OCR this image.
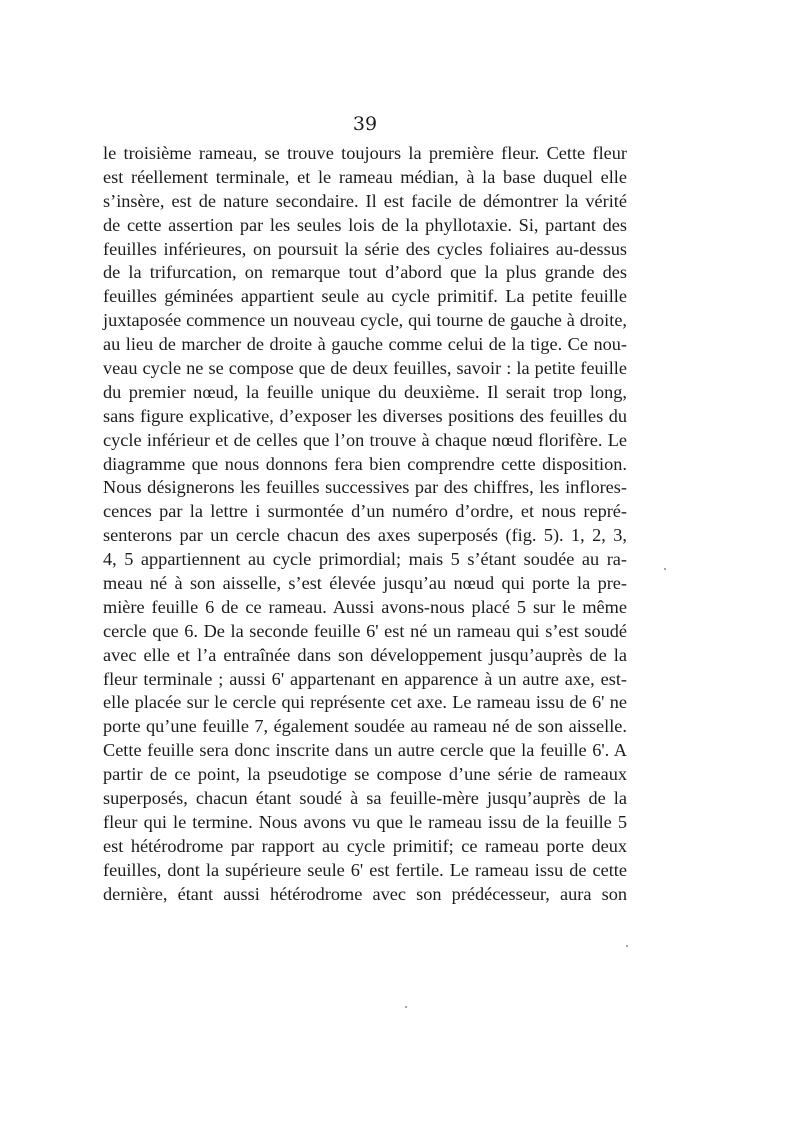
39
le troisième rameau, se trouve toujours la première fleur. Cette fleur
est réellement terminale, et le rameau médian, à la base duquel elle
s’insère, est de nature secondaire. Il est facile de démontrer la vérité
de cette assertion par les seules lois de la phyllotaxie. Si, partant des
feuilles inférieures, on poursuit la série des cycles foliaires au-dessus
de la trifurcation, on remarque tout d’abord que la plus grande des
feuilles géminées appartient seule au cycle primitif. La petite feuille
juxtaposée commence un nouveau cycle, qui tourne de gauche à droite,
au lieu de marcher de droite à gauche comme celui de la tige. Ce nou-
veau cycle ne se compose que de deux feuilles, savoir : la petite feuille
du premier nœud, la feuille unique du deuxième. Il serait trop long,
sans figure explicative, d’exposer les diverses positions des feuilles du
cycle inférieur et de celles que l’on trouve à chaque nœud florifère. Le
diagramme que nous donnons fera bien comprendre cette disposition.
Nous désignerons les feuilles successives par des chiffres, les inflores-
cences par la lettre i surmontée d’un numéro d’ordre, et nous repré-
senterons par un cercle chacun des axes superposés (fig. 5). 1, 2, 3,
4, 5 appartiennent au cycle primordial; mais 5 s’étant soudée au ra-
meau né à son aisselle, s’est élevée jusqu’au nœud qui porte la pre-
mière feuille 6 de ce rameau. Aussi avons-nous placé 5 sur le même
cercle que 6. De la seconde feuille 6' est né un rameau qui s’est soudé
avec elle et l’a entraînée dans son développement jusqu’auprès de la
fleur terminale ; aussi 6' appartenant en apparence à un autre axe, est-
elle placée sur le cercle qui représente cet axe. Le rameau issu de 6' ne
porte qu’une feuille 7, également soudée au rameau né de son aisselle.
Cette feuille sera donc inscrite dans un autre cercle que la feuille 6'. A
partir de ce point, la pseudotige se compose d’une série de rameaux
superposés, chacun étant soudé à sa feuille-mère jusqu’auprès de la
fleur qui le termine. Nous avons vu que le rameau issu de la feuille 5
est hétérodrome par rapport au cycle primitif; ce rameau porte deux
feuilles, dont la supérieure seule 6' est fertile. Le rameau issu de cette
dernière, étant aussi hétérodrome avec son prédécesseur, aura son
